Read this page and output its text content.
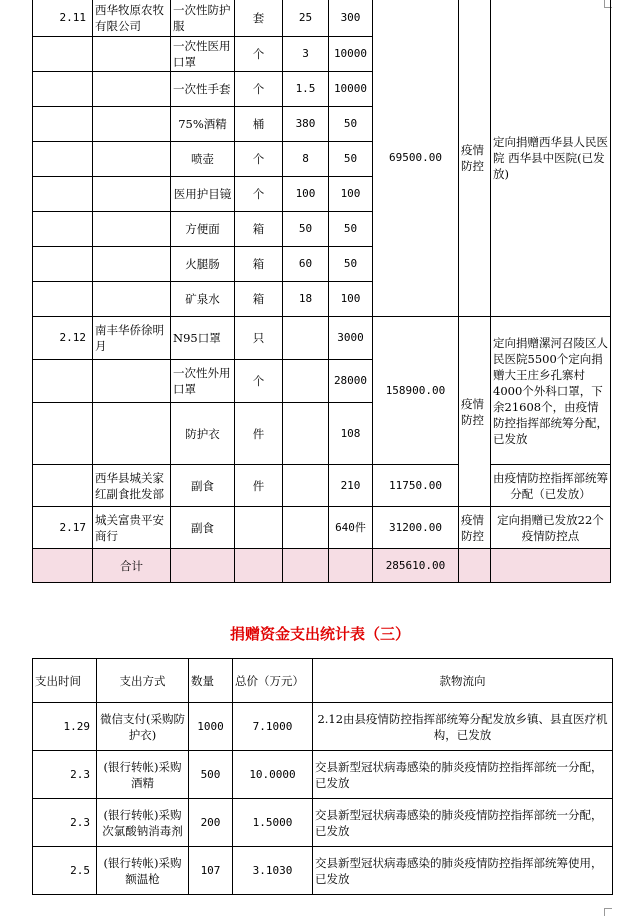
2.11	西华牧原农牧有限公司	一次性防护服	套	25	300	69500.00	疫情防控	定向捐赠西华县人民医院 西华县中医院(已发放)
		一次性医用口罩	个	3	10000			
		一次性手套	个	1.5	10000			
		75%酒精	桶	380	50			
		喷壶	个	8	50			
		医用护目镜	个	100	100			
		方便面	箱	50	50			
		火腿肠	箱	60	50			
		矿泉水	箱	18	100			
2.12	南丰华侨徐明月	N95口罩	只		3000	158900.00	疫情防控	定向捐赠漯河召陵区人民医院5500个定向捐赠大王庄乡孔寨村4000个外科口罩，下余21608个，由疫情防控指挥部统筹分配，已发放
		一次性外用口罩	个		28000			
		防护衣	件		108			
	西华县城关家红副食批发部	副食	件		210	11750.00		由疫情防控指挥部统筹分配（已发放）
2.17	城关富贵平安商行	副食			640件	31200.00	疫情防控	定向捐赠已发放22个疫情防控点
	合计					285610.00		
捐赠资金支出统计表（三）
支出时间	支出方式	数量	总价（万元）	款物流向
1.29	微信支付(采购防护衣)	1000	7.1000	2.12由县疫情防控指挥部统筹分配发放乡镇、县直医疗机构，已发放
2.3	(银行转帐)采购酒精	500	10.0000	交县新型冠状病毒感染的肺炎疫情防控指挥部统一分配，已发放
2.3	(银行转帐)采购次氯酸钠消毒剂	200	1.5000	交县新型冠状病毒感染的肺炎疫情防控指挥部统一分配，已发放
2.5	(银行转帐)采购额温枪	107	3.1030	交县新型冠状病毒感染的肺炎疫情防控指挥部统筹使用，已发放
